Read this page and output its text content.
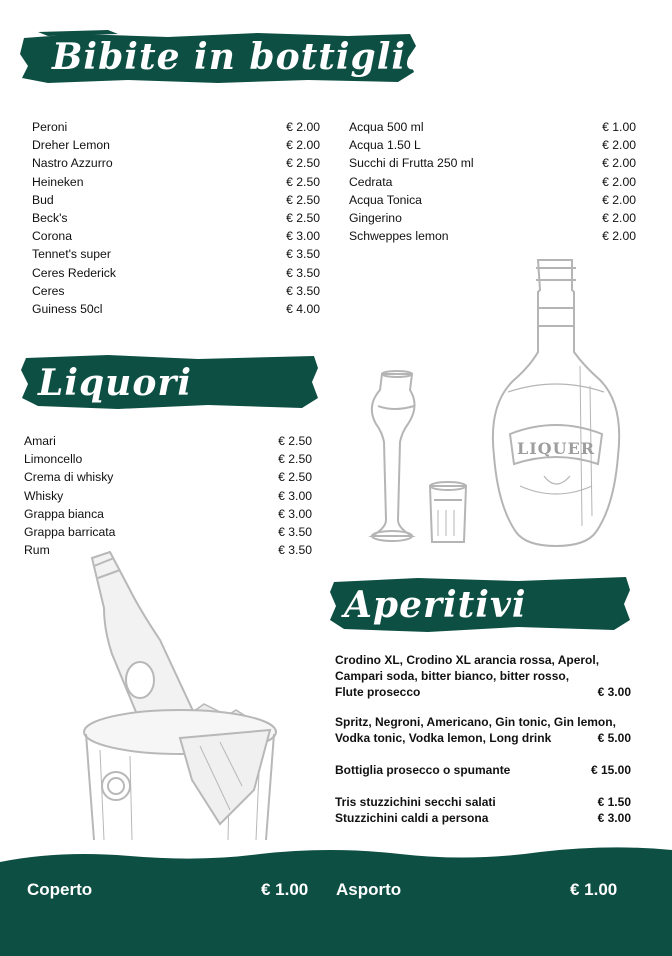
Bibite in bottiglia
Peroni	€ 2.00
Dreher Lemon	€ 2.00
Nastro Azzurro	€ 2.50
Heineken	€ 2.50
Bud	€ 2.50
Beck's	€ 2.50
Corona	€ 3.00
Tennet's super	€ 3.50
Ceres Rederick	€ 3.50
Ceres	€ 3.50
Guiness 50cl	€ 4.00
Acqua 500 ml	€ 1.00
Acqua 1.50 L	€ 2.00
Succhi di Frutta 250 ml	€ 2.00
Cedrata	€ 2.00
Acqua Tonica	€ 2.00
Gingerino	€ 2.00
Schweppes lemon	€ 2.00
Liquori
Amari	€ 2.50
Limoncello	€ 2.50
Crema di whisky	€ 2.50
Whisky	€ 3.00
Grappa bianca	€ 3.00
Grappa barricata	€ 3.50
Rum	€ 3.50
LIQUER
Aperitivi
Crodino XL, Crodino XL arancia rossa, Aperol,
Campari soda, bitter bianco, bitter rosso,
Flute prosecco	€ 3.00
Spritz, Negroni, Americano, Gin tonic, Gin lemon,
Vodka tonic, Vodka lemon, Long drink	€ 5.00
Bottiglia prosecco o spumante	€ 15.00
Tris stuzzichini secchi salati	€ 1.50
Stuzzichini caldi a persona	€ 3.00
Coperto	€ 1.00 Asporto	€ 1.00
